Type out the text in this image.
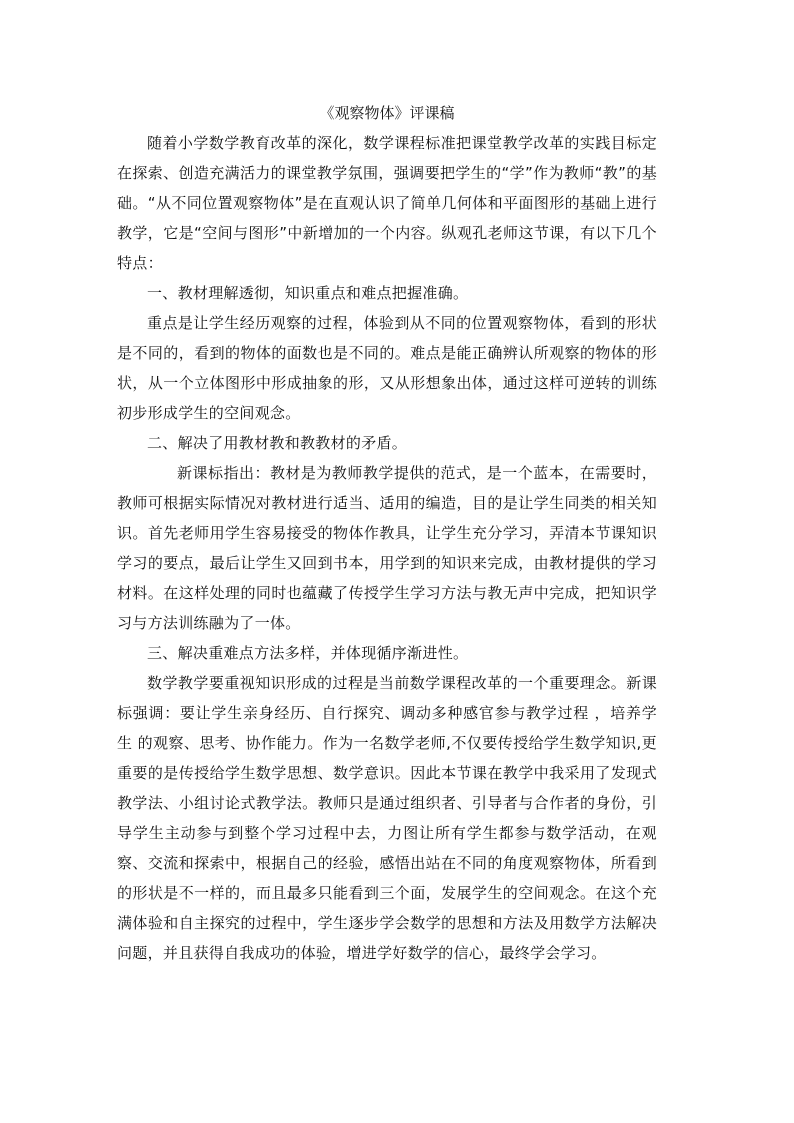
《观察物体》评课稿

随着小学数学教育改革的深化，数学课程标准把课堂教学改革的实践目标定在探索、创造充满活力的课堂教学氛围，强调要把学生的“学”作为教师“教”的基础。“从不同位置观察物体”是在直观认识了简单几何体和平面图形的基础上进行教学，它是“空间与图形”中新增加的一个内容。纵观孔老师这节课，有以下几个特点：

一、教材理解透彻，知识重点和难点把握准确。

重点是让学生经历观察的过程，体验到从不同的位置观察物体，看到的形状是不同的，看到的物体的面数也是不同的。难点是能正确辨认所观察的物体的形状，从一个立体图形中形成抽象的形，又从形想象出体，通过这样可逆转的训练初步形成学生的空间观念。

二、解决了用教材教和教教材的矛盾。

新课标指出：教材是为教师教学提供的范式，是一个蓝本，在需要时，教师可根据实际情况对教材进行适当、适用的编造，目的是让学生同类的相关知识。首先老师用学生容易接受的物体作教具，让学生充分学习，弄清本节课知识学习的要点，最后让学生又回到书本，用学到的知识来完成，由教材提供的学习材料。在这样处理的同时也蕴藏了传授学生学习方法与教无声中完成，把知识学习与方法训练融为了一体。

三、解决重难点方法多样，并体现循序渐进性。

数学教学要重视知识形成的过程是当前数学课程改革的一个重要理念。新课标强调：要让学生亲身经历、自行探究、调动多种感官参与教学过程 ，培养学生 的观察、思考、协作能力。作为一名数学老师,不仅要传授给学生数学知识,更重要的是传授给学生数学思想、数学意识。因此本节课在教学中我采用了发现式教学法、小组讨论式教学法。教师只是通过组织者、引导者与合作者的身份，引导学生主动参与到整个学习过程中去，力图让所有学生都参与数学活动，在观察、交流和探索中，根据自己的经验，感悟出站在不同的角度观察物体，所看到的形状是不一样的，而且最多只能看到三个面，发展学生的空间观念。在这个充满体验和自主探究的过程中，学生逐步学会数学的思想和方法及用数学方法解决问题，并且获得自我成功的体验，增进学好数学的信心，最终学会学习。
